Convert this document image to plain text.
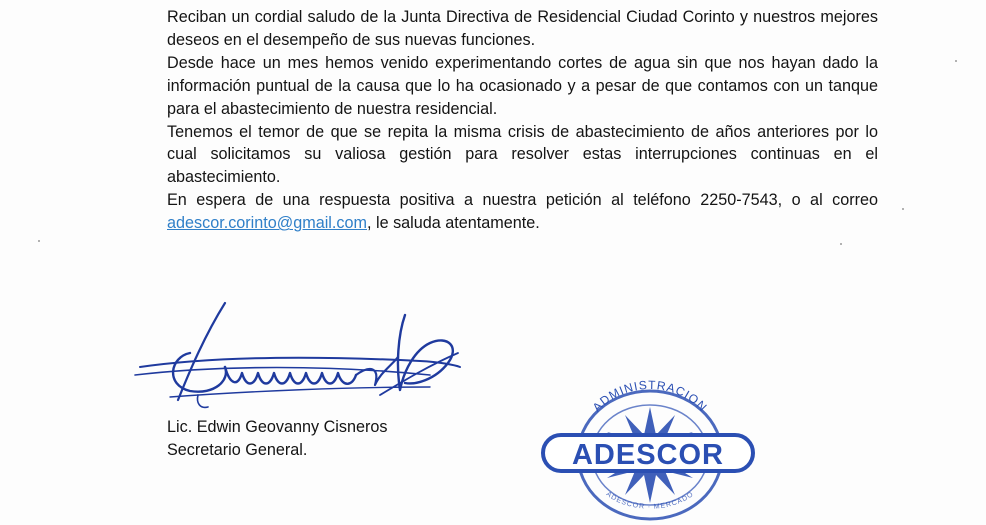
Reciban un cordial saludo de la Junta Directiva de Residencial Ciudad Corinto y nuestros mejores deseos en el desempeño de sus nuevas funciones.

Desde hace un mes hemos venido experimentando cortes de agua sin que nos hayan dado la información puntual de la causa que lo ha ocasionado y a pesar de que contamos con un tanque para el abastecimiento de nuestra residencial.

Tenemos el temor de que se repita la misma crisis de abastecimiento de años anteriores por lo cual solicitamos su valiosa gestión para resolver estas interrupciones continuas en el abastecimiento.

En espera de una respuesta positiva a nuestra petición al teléfono 2250-7543, o al correo adescor.corinto@gmail.com, le saluda atentamente.

Lic. Edwin Geovanny Cisneros
Secretario General.	ADESCOR
ADMINISTRACION
ADESCOR · MERCADO
